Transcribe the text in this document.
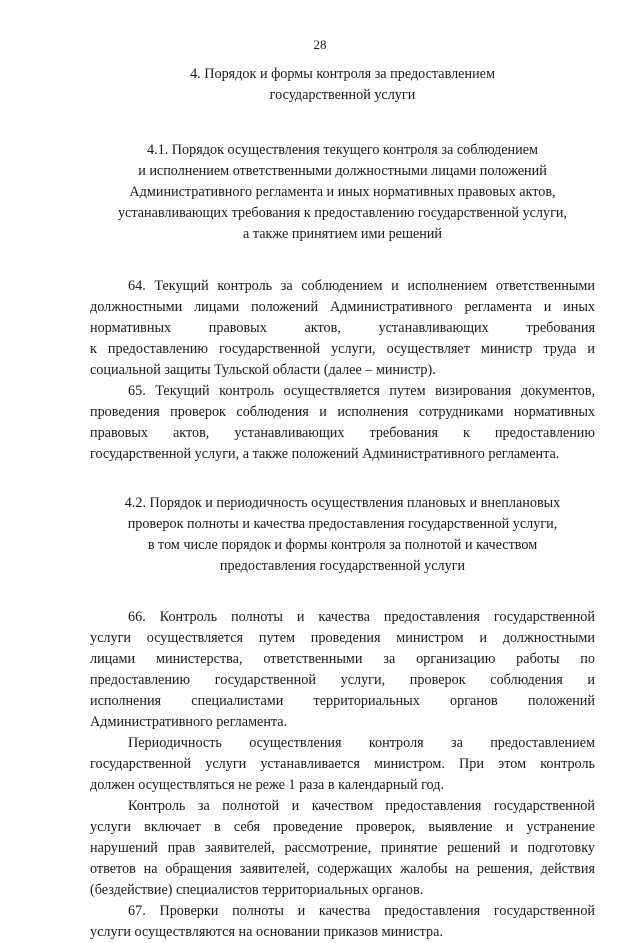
28
4. Порядок и формы контроля за предоставлением
государственной услуги
4.1. Порядок осуществления текущего контроля за соблюдением
и исполнением ответственными должностными лицами положений
Административного регламента и иных нормативных правовых актов,
устанавливающих требования к предоставлению государственной услуги,
а также принятием ими решений

64. Текущий контроль за соблюдением и исполнением ответственными
должностными лицами положений Административного регламента и иных
нормативных правовых актов, устанавливающих требования
к предоставлению государственной услуги, осуществляет министр труда и
социальной защиты Тульской области (далее – министр).

65. Текущий контроль осуществляется путем визирования документов,
проведения проверок соблюдения и исполнения сотрудниками нормативных
правовых актов, устанавливающих требования к предоставлению
государственной услуги, а также положений Административного регламента.

4.2. Порядок и периодичность осуществления плановых и внеплановых
проверок полноты и качества предоставления государственной услуги,
в том числе порядок и формы контроля за полнотой и качеством
предоставления государственной услуги

66. Контроль полноты и качества предоставления государственной
услуги осуществляется путем проведения министром и должностными
лицами министерства, ответственными за организацию работы по
предоставлению государственной услуги, проверок соблюдения и
исполнения специалистами территориальных органов положений
Административного регламента.

Периодичность осуществления контроля за предоставлением
государственной услуги устанавливается министром. При этом контроль
должен осуществляться не реже 1 раза в календарный год.

Контроль за полнотой и качеством предоставления государственной
услуги включает в себя проведение проверок, выявление и устранение
нарушений прав заявителей, рассмотрение, принятие решений и подготовку
ответов на обращения заявителей, содержащих жалобы на решения, действия
(бездействие) специалистов территориальных органов.

67. Проверки полноты и качества предоставления государственной
услуги осуществляются на основании приказов министра.
